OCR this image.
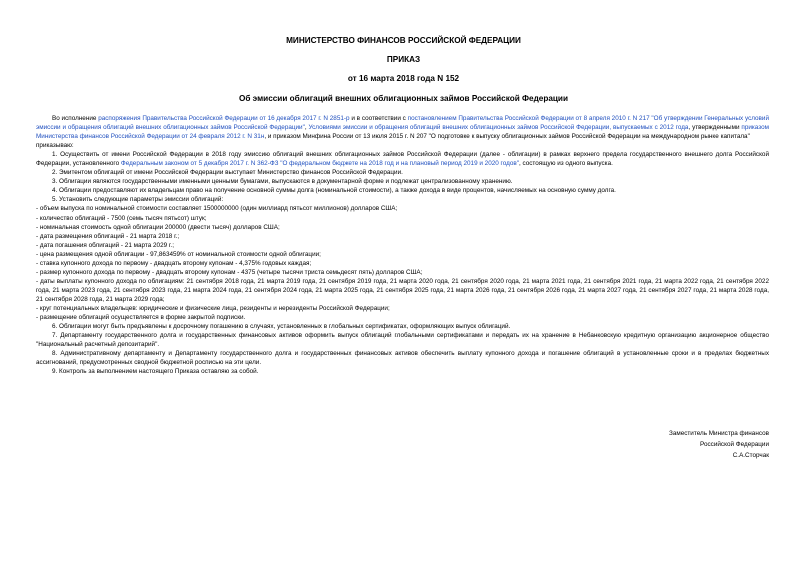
МИНИСТЕРСТВО ФИНАНСОВ РОССИЙСКОЙ ФЕДЕРАЦИИ
ПРИКАЗ
от 16 марта 2018 года N 152
Об эмиссии облигаций внешних облигационных займов Российской Федерации

Во исполнение распоряжения Правительства Российской Федерации от 16 декабря 2017 г. N 2851-р и в соответствии с постановлением Правительства Российской Федерации от 8 апреля 2010 г. N 217 "Об утверждении Генеральных условий эмиссии и обращения облигаций внешних облигационных займов Российской Федерации", Условиями эмиссии и обращения облигаций внешних облигационных займов Российской Федерации, выпускаемых с 2012 года, утвержденными приказом Министерства финансов Российской Федерации от 24 февраля 2012 г. N 31н, и приказом Минфина России от 13 июля 2015 г. N 207 "О подготовке к выпуску облигационных займов Российской Федерации на международном рынке капитала"

приказываю:

1. Осуществить от имени Российской Федерации в 2018 году эмиссию облигаций внешних облигационных займов Российской Федерации (далее - облигации) в рамках верхнего предела государственного внешнего долга Российской Федерации, установленного Федеральным законом от 5 декабря 2017 г. N 362-ФЗ "О федеральном бюджете на 2018 год и на плановый период 2019 и 2020 годов", состоящую из одного выпуска.

2. Эмитентом облигаций от имени Российской Федерации выступает Министерство финансов Российской Федерации.

3. Облигации являются государственными именными ценными бумагами, выпускаются в документарной форме и подлежат централизованному хранению.

4. Облигации предоставляют их владельцам право на получение основной суммы долга (номинальной стоимости), а также дохода в виде процентов, начисляемых на основную сумму долга.

5. Установить следующие параметры эмиссии облигаций:

- объем выпуска по номинальной стоимости составляет 1500000000 (один миллиард пятьсот миллионов) долларов США;

- количество облигаций - 7500 (семь тысяч пятьсот) штук;

- номинальная стоимость одной облигации 200000 (двести тысяч) долларов США;

- дата размещения облигаций - 21 марта 2018 г.;

- дата погашения облигаций - 21 марта 2029 г.;

- цена размещения одной облигации - 97,863459% от номинальной стоимости одной облигации;

- ставка купонного дохода по первому - двадцать второму купонам - 4,375% годовых каждая;

- размер купонного дохода по первому - двадцать второму купонам - 4375 (четыре тысячи триста семьдесят пять) долларов США;

- даты выплаты купонного дохода по облигациям: 21 сентября 2018 года, 21 марта 2019 года, 21 сентября 2019 года, 21 марта 2020 года, 21 сентября 2020 года, 21 марта 2021 года, 21 сентября 2021 года, 21 марта 2022 года, 21 сентября 2022 года, 21 марта 2023 года, 21 сентября 2023 года, 21 марта 2024 года, 21 сентября 2024 года, 21 марта 2025 года, 21 сентября 2025 года, 21 марта 2026 года, 21 сентября 2026 года, 21 марта 2027 года, 21 сентября 2027 года, 21 марта 2028 года, 21 сентября 2028 года, 21 марта 2029 года;

- круг потенциальных владельцев: юридические и физические лица, резиденты и нерезиденты Российской Федерации;

- размещение облигаций осуществляется в форме закрытой подписки.

6. Облигации могут быть предъявлены к досрочному погашению в случаях, установленных в глобальных сертификатах, оформляющих выпуск облигаций.

7. Департаменту государственного долга и государственных финансовых активов оформить выпуск облигаций глобальными сертификатами и передать их на хранение в Небанковскую кредитную организацию акционерное общество "Национальный расчетный депозитарий".

8. Административному департаменту и Департаменту государственного долга и государственных финансовых активов обеспечить выплату купонного дохода и погашение облигаций в установленные сроки и в пределах бюджетных ассигнований, предусмотренных сводной бюджетной росписью на эти цели.

9. Контроль за выполнением настоящего Приказа оставляю за собой.

Заместитель Министра финансов
Российской Федерации
С.А.Сторчак
